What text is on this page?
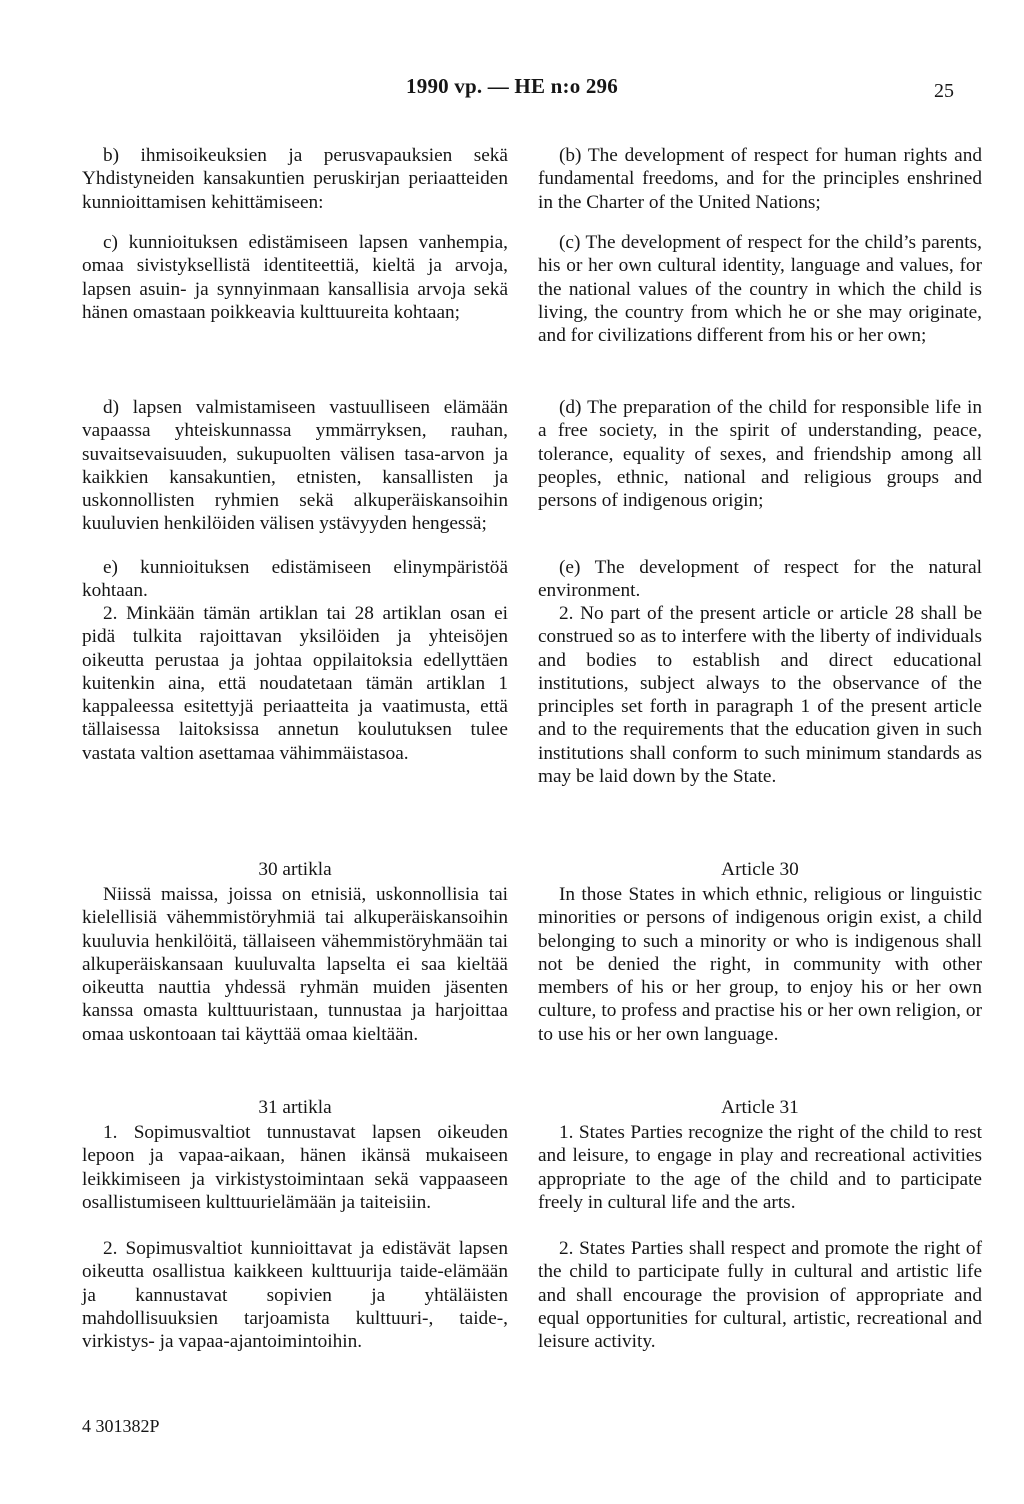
1990 vp. — HE n:o 296	25

b) ihmisoikeuksien ja perusvapauksien sekä Yhdistyneiden kansakuntien peruskirjan periaatteiden kunnioittamisen kehittämiseen:

c) kunnioituksen edistämiseen lapsen vanhempia, omaa sivistyksellistä identiteettiä, kieltä ja arvoja, lapsen asuin- ja synnyinmaan kansallisia arvoja sekä hänen omastaan poikkeavia kulttuureita kohtaan;

d) lapsen valmistamiseen vastuulliseen elämään vapaassa yhteiskunnassa ymmärryksen, rauhan, suvaitsevaisuuden, sukupuolten välisen tasa-arvon ja kaikkien kansakuntien, etnisten, kansallisten ja uskonnollisten ryhmien sekä alkuperäiskansoihin kuuluvien henkilöiden välisen ystävyyden hengessä;

e) kunnioituksen edistämiseen elinympäristöä kohtaan.

2. Minkään tämän artiklan tai 28 artiklan osan ei pidä tulkita rajoittavan yksilöiden ja yhteisöjen oikeutta perustaa ja johtaa oppilaitoksia edellyttäen kuitenkin aina, että noudatetaan tämän artiklan 1 kappaleessa esitettyjä periaatteita ja vaatimusta, että tällaisessa laitoksissa annetun koulutuksen tulee vastata valtion asettamaa vähimmäistasoa.

30 artikla

Niissä maissa, joissa on etnisiä, uskonnollisia tai kielellisiä vähemmistöryhmiä tai alkuperäiskansoihin kuuluvia henkilöitä, tällaiseen vähemmistöryhmään tai alkuperäiskansaan kuuluvalta lapselta ei saa kieltää oikeutta nauttia yhdessä ryhmän muiden jäsenten kanssa omasta kulttuuristaan, tunnustaa ja harjoittaa omaa uskontoaan tai käyttää omaa kieltään.

31 artikla

1. Sopimusvaltiot tunnustavat lapsen oikeuden lepoon ja vapaa-aikaan, hänen ikänsä mukaiseen leikkimiseen ja virkistystoimintaan sekä vappaaseen osallistumiseen kulttuurielämään ja taiteisiin.

2. Sopimusvaltiot kunnioittavat ja edistävät lapsen oikeutta osallistua kaikkeen kulttuurija taide-elämään ja kannustavat sopivien ja yhtäläisten mahdollisuuksien tarjoamista kulttuuri-, taide-, virkistys- ja vapaa-ajantoimintoihin.

(b) The development of respect for human rights and fundamental freedoms, and for the principles enshrined in the Charter of the United Nations;

(c) The development of respect for the child’s parents, his or her own cultural identity, language and values, for the national values of the country in which the child is living, the country from which he or she may originate, and for civilizations different from his or her own;

(d) The preparation of the child for responsible life in a free society, in the spirit of understanding, peace, tolerance, equality of sexes, and friendship among all peoples, ethnic, national and religious groups and persons of indigenous origin;

(e) The development of respect for the natural environment.

2. No part of the present article or article 28 shall be construed so as to interfere with the liberty of individuals and bodies to establish and direct educational institutions, subject always to the observance of the principles set forth in paragraph 1 of the present article and to the requirements that the education given in such institutions shall conform to such minimum standards as may be laid down by the State.

Article 30

In those States in which ethnic, religious or linguistic minorities or persons of indigenous origin exist, a child belonging to such a minority or who is indigenous shall not be denied the right, in community with other members of his or her group, to enjoy his or her own culture, to profess and practise his or her own religion, or to use his or her own language.

Article 31

1. States Parties recognize the right of the child to rest and leisure, to engage in play and recreational activities appropriate to the age of the child and to participate freely in cultural life and the arts.

2. States Parties shall respect and promote the right of the child to participate fully in cultural and artistic life and shall encourage the provision of appropriate and equal opportunities for cultural, artistic, recreational and leisure activity.

4 301382P
